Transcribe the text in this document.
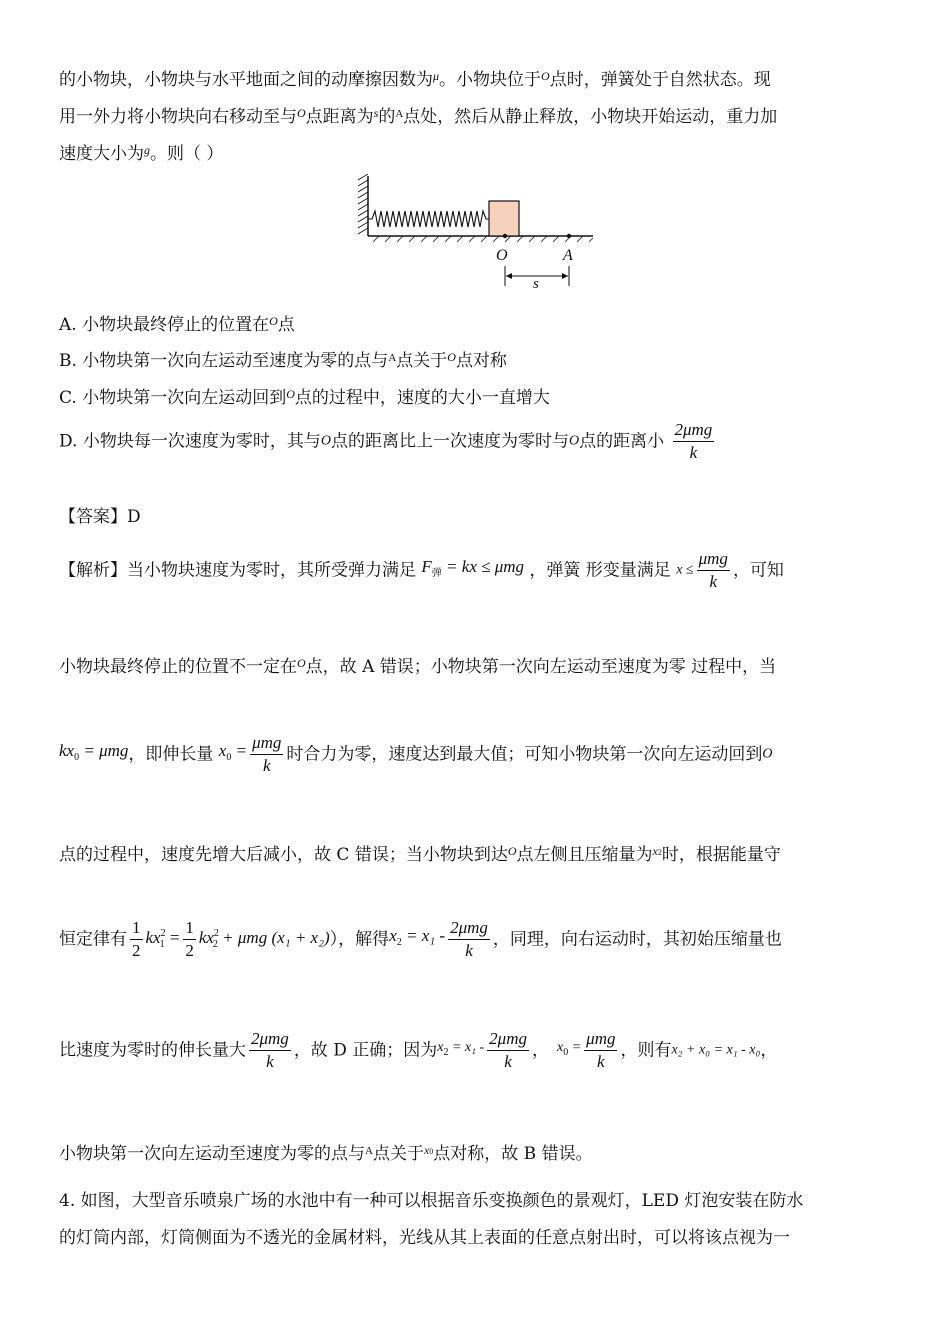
的小物块，小物块与水平地面之间的动摩擦因数为$^\mu$。小物块位于$^O$点时，弹簧处于自然状态。现
用一外力将小物块向右移动至与$^O$点距离为$^s$的$^A$点处，然后从静止释放，小物块开始运动，重力加
速度大小为$^g$。则（ ）
O	A
s
A. 小物块最终停止的位置在$^O$点
B. 小物块第一次向左运动至速度为零的点与$^A$点关于$^O$点对称
C. 小物块第一次向左运动回到$^O$点的过程中，速度的大小一直增大
D. 小物块每一次速度为零时，其与O点的距离比上一次速度为零时与O点的距离小 $\frac{\text{2μmg}}{k}$
【答案】D
【解析】当小物块速度为零时，其所受弹力满足 $F_弹$ = kx ≤ μmg ，弹簧 形变量满足 $x \le \frac{\text{μmg}}{k}$ ，可知
小物块最终停止的位置不一定在$^O$点，故 A 错误；小物块第一次向左运动至速度为零 过程中，当
$kx_0 = \mu mg$，即伸长量 $x_0 = \frac{\text{μmg}}{k}$ 时合力为零，速度达到最大值；可知小物块第一次向左运动回到O
点的过程中，速度先增大后减小，故 C 错误；当小物块到达$^O$点左侧且压缩量为$^{x2}$时，根据能量守
恒定律有 $\frac{1}{2} kx^2_1 = \frac{1}{2} kx^2_2 + \mu mg$ (x₁ + x₂)），解得$x_2 = x_1 - \frac{\text{2μmg}}{k}$ ，同理，向右运动时，其初始压缩量也
比速度为零时的伸长量大 $\frac{\text{2μmg}}{k}$ ，故 D 正确；因为$x_2 = x_1 - \frac{\text{2μmg}}{k}$ ， $x_0 = \frac{\text{μmg}}{k}$ ，则有x₂ + x₀ = x₁ - x₀，
小物块第一次向左运动至速度为零的点与$^A$点关于$^{x0}$点对称，故 B 错误。
4. 如图，大型音乐喷泉广场的水池中有一种可以根据音乐变换颜色的景观灯，LED 灯泡安装在防水
的灯筒内部，灯筒侧面为不透光的金属材料，光线从其上表面的任意点射出时，可以将该点视为一
